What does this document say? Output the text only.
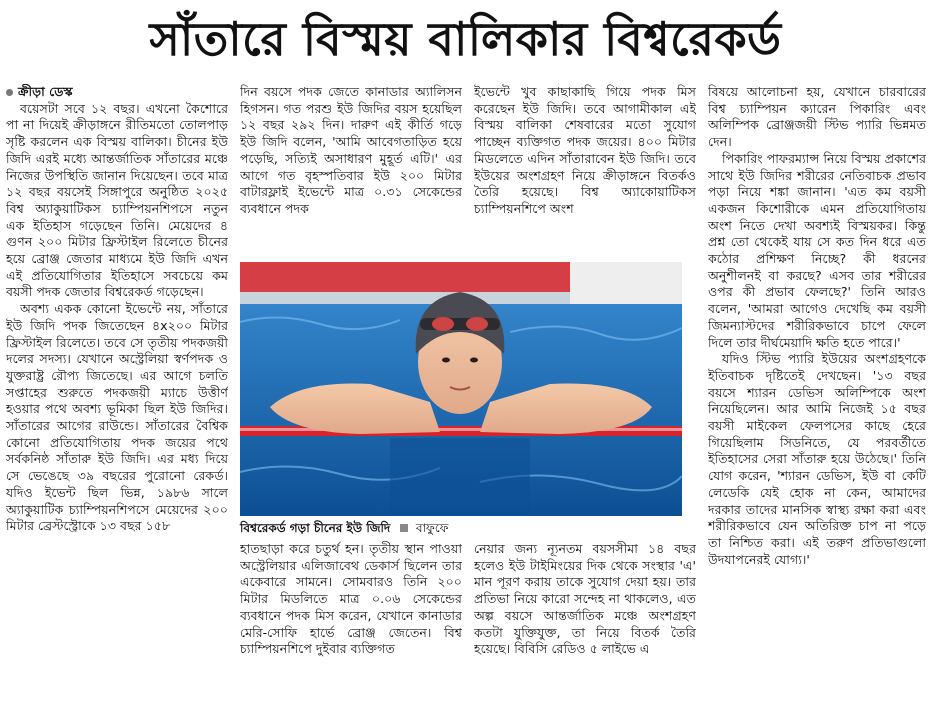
সাঁতারে বিস্ময় বালিকার বিশ্বরেকর্ড

ক্রীড়া ডেস্ক

বয়েসটা সবে ১২ বছর। এখনো কৈশোরে পা না দিয়েই ক্রীড়াঙ্গনে রীতিমতো তোলপাড় সৃষ্টি করলেন এক বিস্ময় বালিকা। চীনের ইউ জিদি এরই মধ্যে আন্তর্জাতিক সাঁতারের মঞ্চে নিজের উপস্থিতি জানান দিয়েছেন। তবে মাত্র ১২ বছর বয়সেই সিঙ্গাপুরে অনুষ্ঠিত ২০২৫ বিশ্ব অ্যাকুয়াটিকস চ্যাম্পিয়নশিপসে নতুন এক ইতিহাস গড়েছেন তিনি। মেয়েদের ৪ গুণন ২০০ মিটার ফ্রিস্টাইল রিলেতে চীনের হয়ে ব্রোঞ্জ জেতার মাধ্যমে ইউ জিদি এখন এই প্রতিযোগিতার ইতিহাসে সবচেয়ে কম বয়সী পদক জেতার বিশ্বরেকর্ড গড়েছেন।

অবশ্য একক কোনো ইভেন্টে নয়, সাঁতারে ইউ জিদি পদক জিতেছেন ৪x২০০ মিটার ফ্রিস্টাইল রিলেতে। তবে সে তৃতীয় পদকজয়ী দলের সদস্য। যেখানে অস্ট্রেলিয়া স্বর্ণপদক ও যুক্তরাষ্ট্র রৌপ্য জিতেছে। এর আগে চলতি সপ্তাহের শুরুতে পদকজয়ী ম্যাচে উত্তীর্ণ হওয়ার পথে অবশ্য ভূমিকা ছিল ইউ জিদির। সাঁতারের আগের রাউন্ডে। সাঁতারের বৈশ্বিক কোনো প্রতিযোগিতায় পদক জয়ের পথে সর্বকনিষ্ঠ সাঁতারু ইউ জিদি। এর মধ্য দিয়ে সে ভেঙেছে ৩৯ বছরের পুরোনো রেকর্ড। যদিও ইভেন্ট ছিল ভিন্ন, ১৯৮৬ সালে অ্যাকুয়াটিক চ্যাম্পিয়নশিপসে মেয়েদের ২০০ মিটার ব্রেস্টস্ট্রোকে ১৩ বছর ১৫৮

দিন বয়সে পদক জেতে কানাডার অ্যালিসন হিগসন। গত পরশু ইউ জিদির বয়স হয়েছিল ১২ বছর ২৯২ দিন। দারুণ এই কীর্তি গড়ে ইউ জিদি বলেন, 'আমি আবেগতাড়িত হয়ে পড়েছি, সত্যিই অসাধারণ মুহূর্ত এটি।' এর আগে গত বৃহস্পতিবার ইউ ২০০ মিটার বাটারফ্লাই ইভেন্টে মাত্র ০.৩১ সেকেন্ডের ব্যবধানে পদক

ইভেন্টে খুব কাছাকাছি গিয়ে পদক মিস করেছেন ইউ জিদি। তবে আগামীকাল এই বিস্ময় বালিকা শেষবারের মতো সুযোগ পাচ্ছেন ব্যক্তিগত পদক জয়ের। ৪০০ মিটার মিডলেতে এদিন সাঁতারাবেন ইউ জিদি। তবে ইউয়ের অংশগ্রহণ নিয়ে ক্রীড়াঙ্গনে বিতর্কও তৈরি হয়েছে। বিশ্ব অ্যাকোয়াটিকস চ্যাম্পিয়নশিপে অংশ

বিশ্বরেকর্ড গড়া চীনের ইউ জিদি বাফুফে

হাতছাড়া করে চতুর্থ হন। তৃতীয় স্থান পাওয়া অস্ট্রেলিয়ার এলিজাবেথ ডেকার্স ছিলেন তার একেবারে সামনে। সোমবারও তিনি ২০০ মিটার মিডলিতে মাত্র ০.০৬ সেকেন্ডের ব্যবধানে পদক মিস করেন, যেখানে কানাডার মেরি-সোফি হার্ভে ব্রোঞ্জ জেতেন। বিশ্ব চ্যাম্পিয়নশিপে দুইবার ব্যক্তিগত

নেয়ার জন্য ন্যূনতম বয়সসীমা ১৪ বছর হলেও ইউ টাইমিংয়ের দিক থেকে সংস্থার 'এ' মান পূরণ করায় তাকে সুযোগ দেয়া হয়। তার প্রতিভা নিয়ে কারো সন্দেহ না থাকলেও, এত অল্প বয়সে আন্তর্জাতিক মঞ্চে অংশগ্রহণ কতটা যুক্তিযুক্ত, তা নিয়ে বিতর্ক তৈরি হয়েছে। বিবিসি রেডিও ৫ লাইভে এ

বিষয়ে আলোচনা হয়, যেখানে চারবারের বিশ্ব চ্যাম্পিয়ন ক্যারেন পিকারিং এবং অলিম্পিক ব্রোঞ্জজয়ী স্টিভ প্যারি ভিন্নমত দেন।

পিকারিং পাফরম্যান্স নিয়ে বিস্ময় প্রকাশের সাথে ইউ জিদির শরীরের নেতিবাচক প্রভাব পড়া নিয়ে শঙ্কা জানান। 'এত কম বয়সী একজন কিশোরীকে এমন প্রতিযোগিতায় অংশ নিতে দেখা অবশ্যই বিস্ময়কর। কিন্তু প্রশ্ন তো থেকেই যায় সে কত দিন ধরে এত কঠোর প্রশিক্ষণ নিচ্ছে? কী ধরনের অনুশীলনই বা করছে? এসব তার শরীরের ওপর কী প্রভাব ফেলছে?' তিনি আরও বলেন, 'আমরা আগেও দেখেছি কম বয়সী জিমন্যাস্টদের শরীরিকভাবে চাপে ফেলে দিলে তার দীর্ঘমেয়াদি ক্ষতি হতে পারে।'

যদিও স্টিভ প্যারি ইউয়ের অংশগ্রহণকে ইতিবাচক দৃষ্টিতেই দেখছেন। '১৩ বছর বয়সে শ্যারন ডেভিস অলিম্পিকে অংশ নিয়েছিলেন। আর আমি নিজেই ১৫ বছর বয়সী মাইকেল ফেলপসের কাছে হেরে গিয়েছিলাম সিডনিতে, যে পরবর্তীতে ইতিহাসের সেরা সাঁতারু হয়ে উঠেছে।' তিনি যোগ করেন, 'শ্যারন ডেভিস, ইউ বা কেটি লেডেকি যেই হোক না কেন, আমাদের দরকার তাদের মানসিক স্বাস্থ্য রক্ষা করা এবং শরীরিকভাবে যেন অতিরিক্ত চাপ না পড়ে তা নিশ্চিত করা। এই তরুণ প্রতিভাগুলো উদযাপনেরই যোগ্য।'
